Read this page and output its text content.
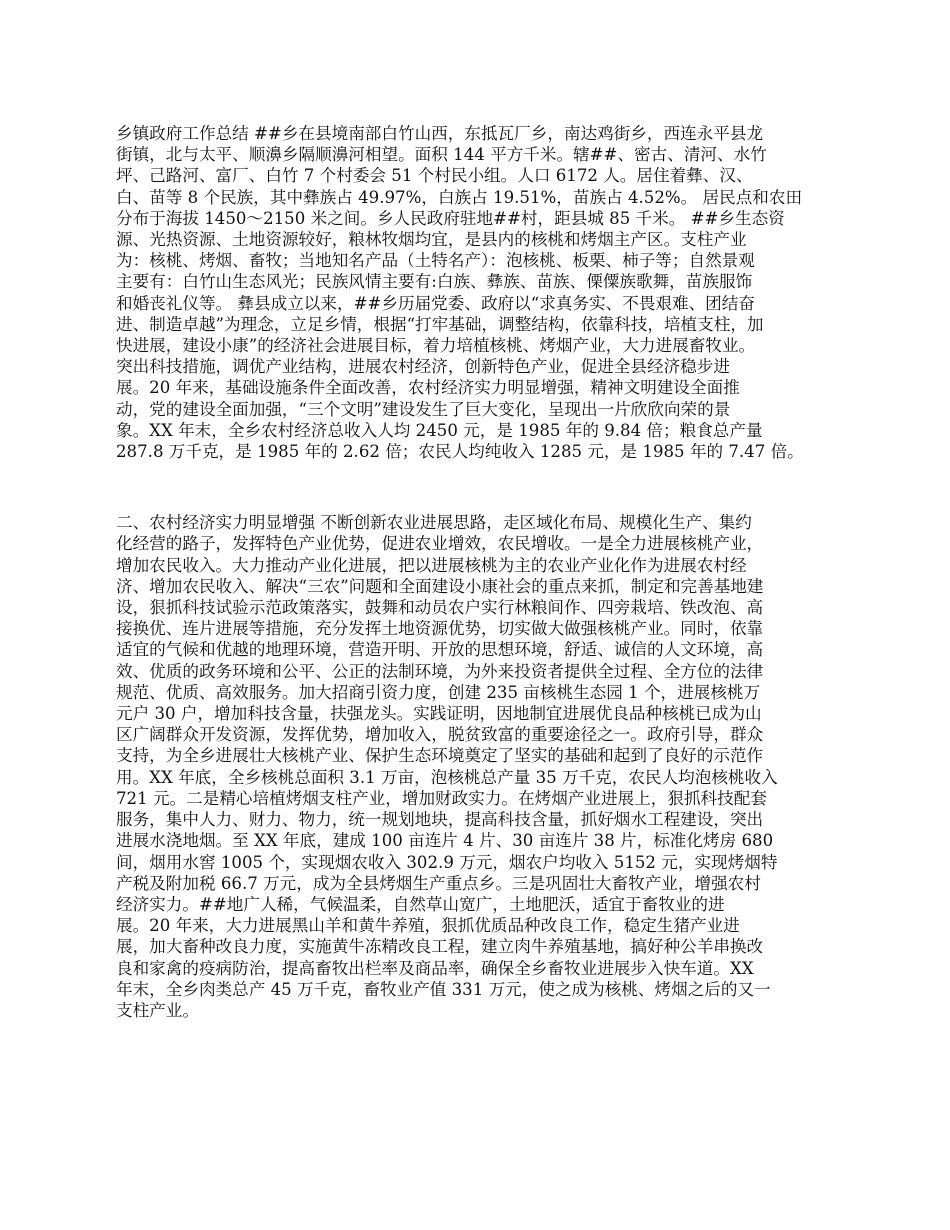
乡镇政府工作总结 ##乡在县境南部白竹山西，东抵瓦厂乡，南达鸡街乡，西连永平县龙
街镇，北与太平、顺濞乡隔顺濞河相望。面积 144 平方千米。辖##、密古、清河、水竹
坪、己路河、富厂、白竹 7 个村委会 51 个村民小组。人口 6172 人。居住着彝、汉、
白、苗等 8 个民族，其中彝族占 49.97%，白族占 19.51%，苗族占 4.52%。 居民点和农田
分布于海拔 1450～2150 米之间。乡人民政府驻地##村，距县城 85 千米。 ##乡生态资
源、光热资源、土地资源较好，粮林牧烟均宜，是县内的核桃和烤烟主产区。支柱产业
为：核桃、烤烟、畜牧；当地知名产品（土特名产）：泡核桃、板栗、柿子等；自然景观
主要有：白竹山生态风光；民族风情主要有:白族、彝族、苗族、傈僳族歌舞，苗族服饰
和婚丧礼仪等。 彝县成立以来，##乡历届党委、政府以“求真务实、不畏艰难、团结奋
进、制造卓越”为理念，立足乡情，根据“打牢基础，调整结构，依靠科技，培植支柱，加
快进展，建设小康”的经济社会进展目标，着力培植核桃、烤烟产业，大力进展畜牧业。
突出科技措施，调优产业结构，进展农村经济，创新特色产业，促进全县经济稳步进
展。20 年来，基础设施条件全面改善，农村经济实力明显增强，精神文明建设全面推
动，党的建设全面加强，“三个文明”建设发生了巨大变化，呈现出一片欣欣向荣的景
象。XX 年末，全乡农村经济总收入人均 2450 元，是 1985 年的 9.84 倍；粮食总产量
287.8 万千克，是 1985 年的 2.62 倍；农民人均纯收入 1285 元，是 1985 年的 7.47 倍。

二、农村经济实力明显增强 不断创新农业进展思路，走区域化布局、规模化生产、集约
化经营的路子，发挥特色产业优势，促进农业增效，农民增收。一是全力进展核桃产业，
增加农民收入。大力推动产业化进展，把以进展核桃为主的农业产业化作为进展农村经
济、增加农民收入、解决“三农”问题和全面建设小康社会的重点来抓，制定和完善基地建
设，狠抓科技试验示范政策落实，鼓舞和动员农户实行林粮间作、四旁栽培、铁改泡、高
接换优、连片进展等措施，充分发挥土地资源优势，切实做大做强核桃产业。同时，依靠
适宜的气候和优越的地理环境，营造开明、开放的思想环境，舒适、诚信的人文环境，高
效、优质的政务环境和公平、公正的法制环境，为外来投资者提供全过程、全方位的法律
规范、优质、高效服务。加大招商引资力度，创建 235 亩核桃生态园 1 个，进展核桃万
元户 30 户，增加科技含量，扶强龙头。实践证明，因地制宜进展优良品种核桃已成为山
区广阔群众开发资源，发挥优势，增加收入，脱贫致富的重要途径之一。政府引导，群众
支持，为全乡进展壮大核桃产业、保护生态环境奠定了坚实的基础和起到了良好的示范作
用。XX 年底，全乡核桃总面积 3.1 万亩，泡核桃总产量 35 万千克，农民人均泡核桃收入
721 元。二是精心培植烤烟支柱产业，增加财政实力。在烤烟产业进展上，狠抓科技配套
服务，集中人力、财力、物力，统一规划地块，提高科技含量，抓好烟水工程建设，突出
进展水浇地烟。至 XX 年底，建成 100 亩连片 4 片、30 亩连片 38 片，标准化烤房 680
间，烟用水窖 1005 个，实现烟农收入 302.9 万元，烟农户均收入 5152 元，实现烤烟特
产税及附加税 66.7 万元，成为全县烤烟生产重点乡。三是巩固壮大畜牧产业，增强农村
经济实力。##地广人稀，气候温柔，自然草山宽广，土地肥沃，适宜于畜牧业的进
展。20 年来，大力进展黑山羊和黄牛养殖，狠抓优质品种改良工作，稳定生猪产业进
展，加大畜种改良力度，实施黄牛冻精改良工程，建立肉牛养殖基地，搞好种公羊串换改
良和家禽的疫病防治，提高畜牧出栏率及商品率，确保全乡畜牧业进展步入快车道。XX
年末，全乡肉类总产 45 万千克，畜牧业产值 331 万元，使之成为核桃、烤烟之后的又一
支柱产业。
